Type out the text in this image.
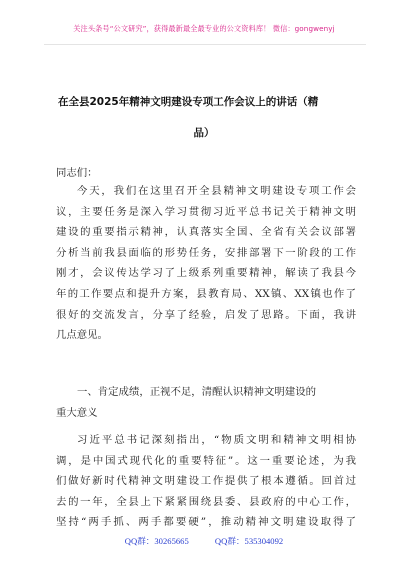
关注头条号“公文研究”，获得最新最全最专业的公文资料库！ 微信：gongwenyj
在全县2025年精神文明建设专项工作会议上的讲话（精
品）
同志们：
今天，我们在这里召开全县精神文明建设专项工作会
议，主要任务是深入学习贯彻习近平总书记关于精神文明
建设的重要指示精神，认真落实全国、全省有关会议部署
分析当前我县面临的形势任务，安排部署下一阶段的工作
刚才，会议传达学习了上级系列重要精神，解读了我县今
年的工作要点和提升方案，县教育局、XX镇、XX镇也作了
很好的交流发言，分享了经验，启发了思路。下面，我讲
几点意见。
一、肯定成绩，正视不足，清醒认识精神文明建设的
重大意义
习近平总书记深刻指出，“物质文明和精神文明相协
调，是中国式现代化的重要特征”。这一重要论述，为我
们做好新时代精神文明建设工作提供了根本遵循。回首过
去的一年，全县上下紧紧围绕县委、县政府的中心工作，
坚持“两手抓、两手都要硬”，推动精神文明建设取得了
QQ群：30265665	QQ群：535304092
